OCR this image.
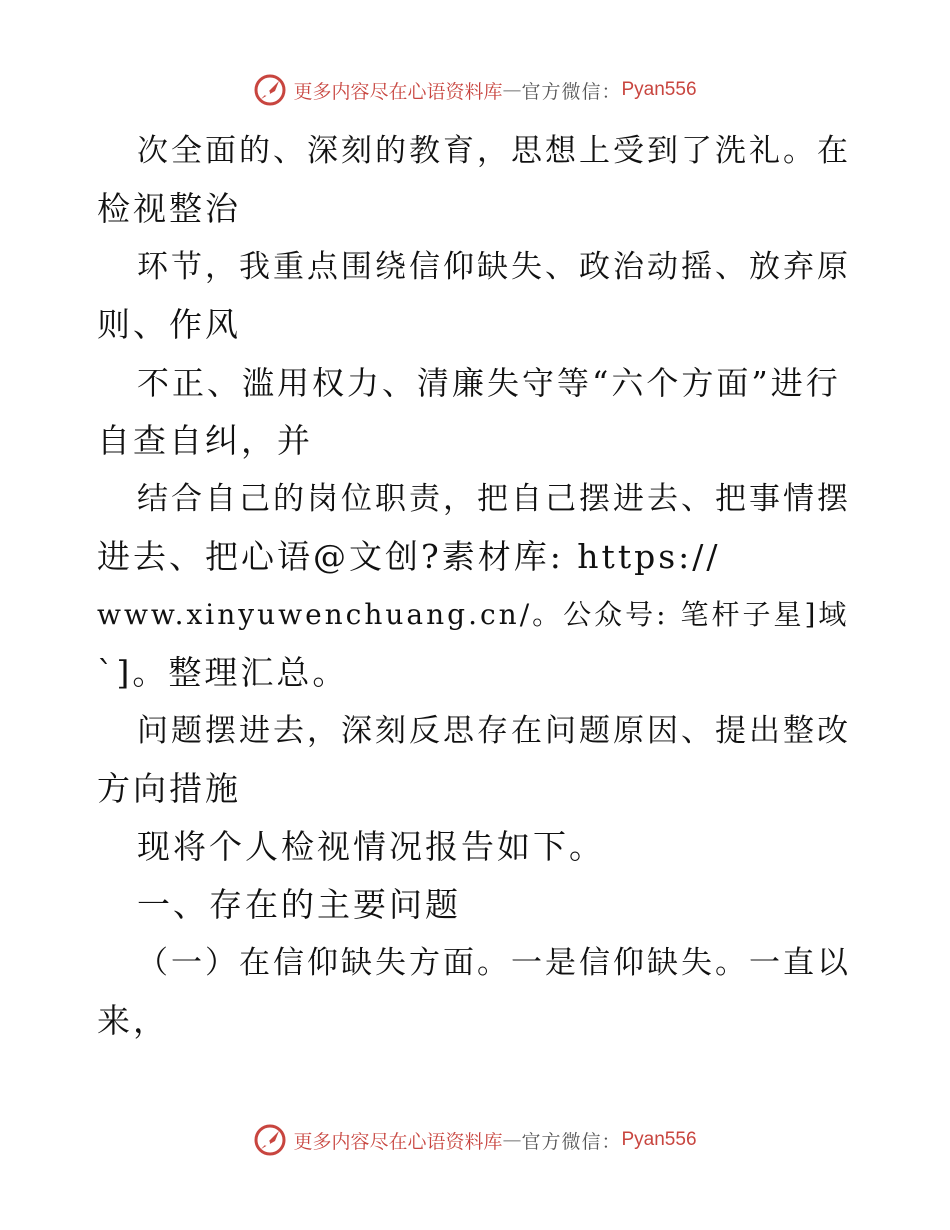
更多内容尽在心语资料库 — 官方微信： Pyan556
次全面的、深刻的教育，思想上受到了洗礼。在
检视整治
环节，我重点围绕信仰缺失、政治动摇、放弃原
则、作风
不正、滥用权力、清廉失守等“六个方面”进行
自查自纠，并
结合自己的岗位职责，把自己摆进去、把事情摆
进去、把心语@文创?素材库: https://
www.xinyuwenchuang.cn/。公众号: 笔杆子星]域
`]。整理汇总。
问题摆进去，深刻反思存在问题原因、提出整改
方向措施
现将个人检视情况报告如下。
一、存在的主要问题
（一）在信仰缺失方面。一是信仰缺失。一直以
来，
更多内容尽在心语资料库 — 官方微信： Pyan556
